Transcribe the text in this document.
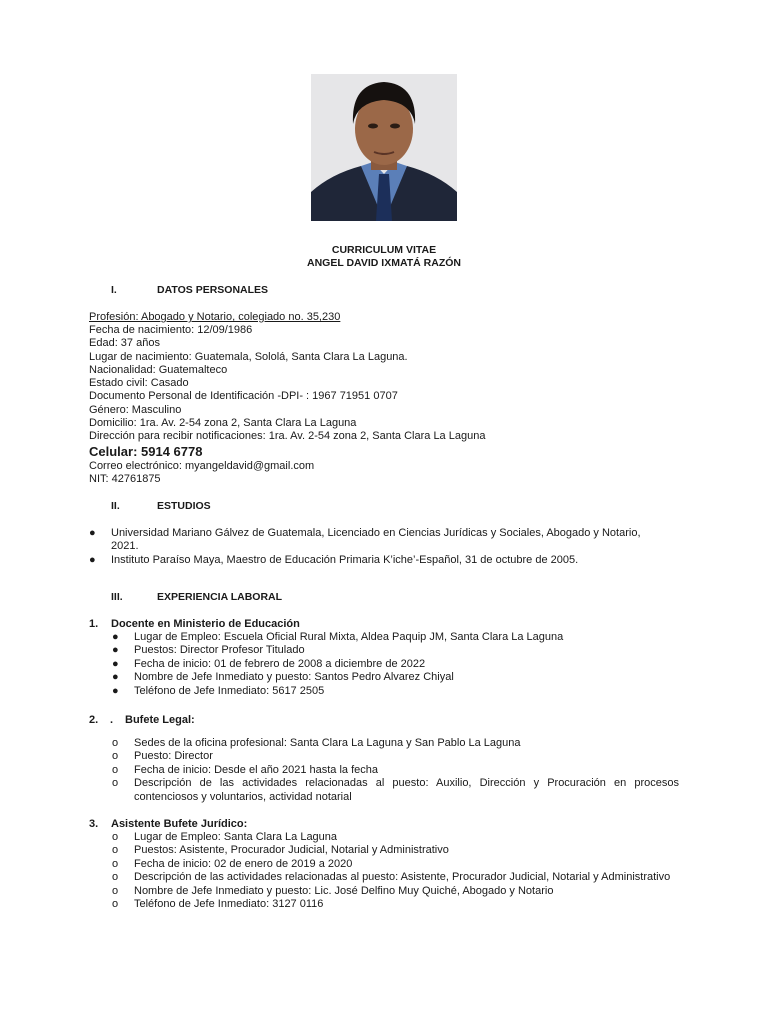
CURRICULUM VITAE
ANGEL DAVID IXMATÁ RAZÓN
I.	DATOS PERSONALES
Profesión: Abogado y Notario, colegiado no. 35,230
Fecha de nacimiento: 12/09/1986
Edad: 37 años
Lugar de nacimiento: Guatemala, Sololá, Santa Clara La Laguna.
Nacionalidad: Guatemalteco
Estado civil: Casado
Documento Personal de Identificación -DPI- : 1967 71951 0707
Género: Masculino
Domicilio: 1ra. Av. 2-54 zona 2, Santa Clara La Laguna
Dirección para recibir notificaciones: 1ra. Av. 2-54 zona 2, Santa Clara La Laguna
Celular: 5914 6778
Correo electrónico: myangeldavid@gmail.com
NIT: 42761875
II.	ESTUDIOS
● Universidad Mariano Gálvez de Guatemala, Licenciado en Ciencias Jurídicas y Sociales, Abogado y Notario, 2021.
● Instituto Paraíso Maya, Maestro de Educación Primaria K’iche’-Español, 31 de octubre de 2005.
III.	EXPERIENCIA LABORAL
1. Docente en Ministerio de Educación
● Lugar de Empleo: Escuela Oficial Rural Mixta, Aldea Paquip JM, Santa Clara La Laguna
● Puestos: Director Profesor Titulado
● Fecha de inicio: 01 de febrero de 2008 a diciembre de 2022
● Nombre de Jefe Inmediato y puesto: Santos Pedro Alvarez Chiyal
● Teléfono de Jefe Inmediato: 5617 2505
2. . Bufete Legal:
o Sedes de la oficina profesional: Santa Clara La Laguna y San Pablo La Laguna
o Puesto: Director
o Fecha de inicio: Desde el año 2021 hasta la fecha
o Descripción de las actividades relacionadas al puesto: Auxilio, Dirección y Procuración en procesos contenciosos y voluntarios, actividad notarial
3. Asistente Bufete Jurídico:
o Lugar de Empleo: Santa Clara La Laguna
o Puestos: Asistente, Procurador Judicial, Notarial y Administrativo
o Fecha de inicio: 02 de enero de 2019 a 2020
o Descripción de las actividades relacionadas al puesto: Asistente, Procurador Judicial, Notarial y Administrativo
o Nombre de Jefe Inmediato y puesto: Lic. José Delfino Muy Quiché, Abogado y Notario
o Teléfono de Jefe Inmediato: 3127 0116
